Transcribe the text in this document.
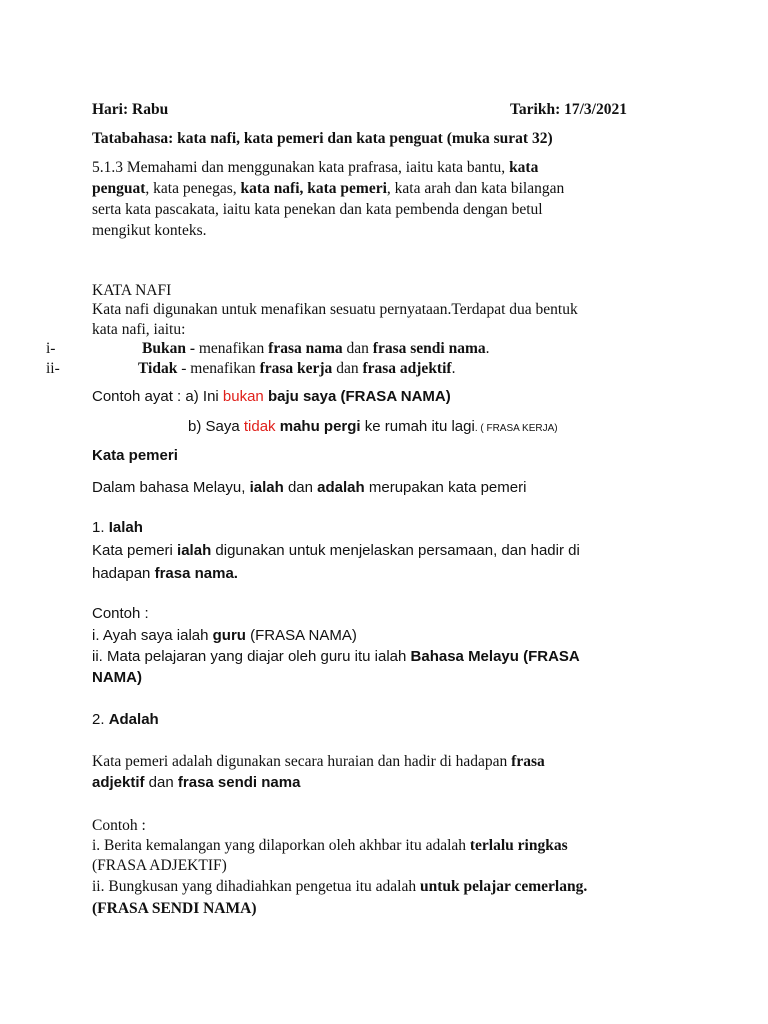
Hari: Rabu	Tarikh: 17/3/2021
Tatabahasa: kata nafi, kata pemeri dan kata penguat (muka surat 32)
5.1.3 Memahami dan menggunakan kata prafrasa, iaitu kata bantu, kata
penguat, kata penegas, kata nafi, kata pemeri, kata arah dan kata bilangan
serta kata pascakata, iaitu kata penekan dan kata pembenda dengan betul
mengikut konteks.
KATA NAFI
Kata nafi digunakan untuk menafikan sesuatu pernyataan.Terdapat dua bentuk
kata nafi, iaitu:
i-	Bukan - menafikan frasa nama dan frasa sendi nama.
ii-	Tidak - menafikan frasa kerja dan frasa adjektif.
Contoh ayat : a) Ini bukan baju saya (FRASA NAMA)
b) Saya tidak mahu pergi ke rumah itu lagi. ( FRASA KERJA)
Kata pemeri
Dalam bahasa Melayu, ialah dan adalah merupakan kata pemeri
1. Ialah
Kata pemeri ialah digunakan untuk menjelaskan persamaan, dan hadir di
hadapan frasa nama.
Contoh :
i. Ayah saya ialah guru (FRASA NAMA)
ii. Mata pelajaran yang diajar oleh guru itu ialah Bahasa Melayu (FRASA
NAMA)
2. Adalah
Kata pemeri adalah digunakan secara huraian dan hadir di hadapan frasa
adjektif dan frasa sendi nama
Contoh :
i. Berita kemalangan yang dilaporkan oleh akhbar itu adalah terlalu ringkas
(FRASA ADJEKTIF)
ii. Bungkusan yang dihadiahkan pengetua itu adalah untuk pelajar cemerlang.
(FRASA SENDI NAMA)
